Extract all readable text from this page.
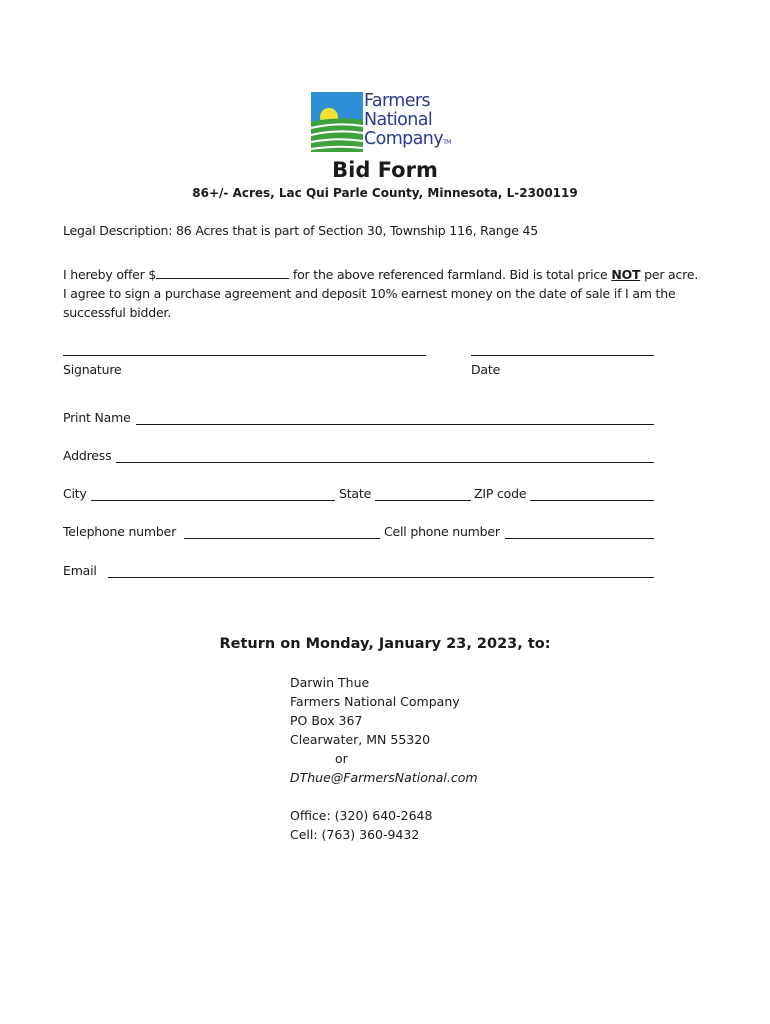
Farmers
National
CompanyTM
Bid Form
86+/- Acres, Lac Qui Parle County, Minnesota, L-2300119
Legal Description: 86 Acres that is part of Section 30, Township 116, Range 45
I hereby offer $	for the above referenced farmland. Bid is total price NOT per acre.
I agree to sign a purchase agreement and deposit 10% earnest money on the date of sale if I am the
successful bidder.
Signature	Date
Print Name
Address
City	State	ZIP code
Telephone number	Cell phone number
Email
Return on Monday, January 23, 2023, to:
Darwin Thue
Farmers National Company
PO Box 367
Clearwater, MN 55320
or
DThue@FarmersNational.com
Office: (320) 640-2648
Cell: (763) 360-9432
